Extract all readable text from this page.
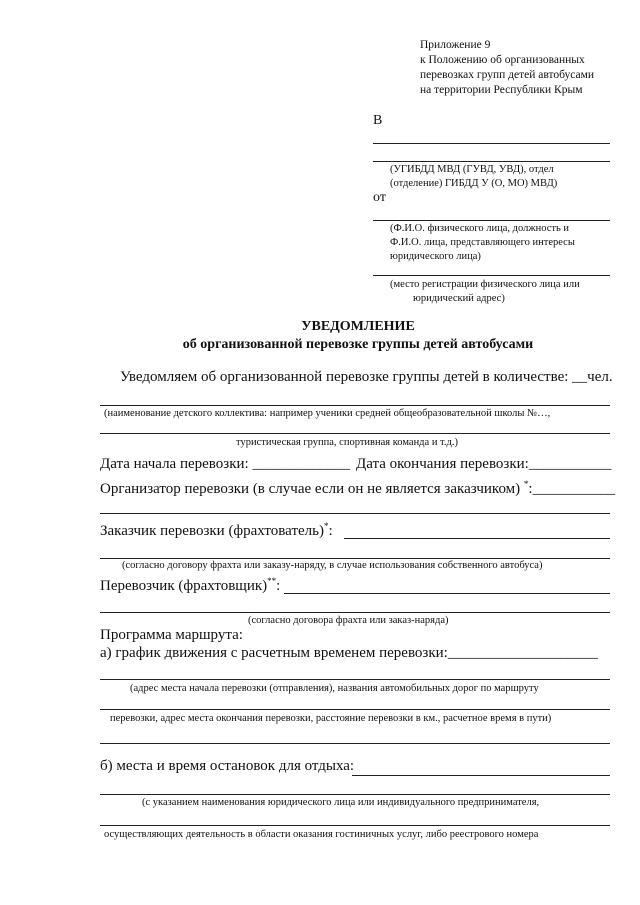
Приложение 9
к Положению об организованных
перевозках групп детей автобусами
на территории Республики Крым
В
(УГИБДД МВД (ГУВД, УВД), отдел
(отделение) ГИБДД У (О, МО) МВД)
от
(Ф.И.О. физического лица, должность и
Ф.И.О. лица, представляющего интересы
юридического лица)
(место регистрации физического лица или
юридический адрес)
УВЕДОМЛЕНИЕ
об организованной перевозке группы детей автобусами
Уведомляем об организованной перевозке группы детей в количестве: __чел.
(наименование детского коллектива: например ученики средней общеобразовательной школы №…,
туристическая группа, спортивная команда и т.д.)
Дата начала перевозки: _____________ Дата окончания перевозки:___________
Организатор перевозки (в случае если он не является заказчиком) *:___________
Заказчик перевозки (фрахтователь)*:
(согласно договору фрахта или заказу-наряду, в случае использования собственного автобуса)
Перевозчик (фрахтовщик)**:
(согласно договора фрахта или заказ-наряда)
Программа маршрута:
а) график движения с расчетным временем перевозки:____________________
(адрес места начала перевозки (отправления), названия автомобильных дорог по маршруту
перевозки, адрес места окончания перевозки, расстояние перевозки в км., расчетное время в пути)
б) места и время остановок для отдыха:
(с указанием наименования юридического лица или индивидуального предпринимателя,
осуществляющих деятельность в области оказания гостиничных услуг, либо реестрового номера
